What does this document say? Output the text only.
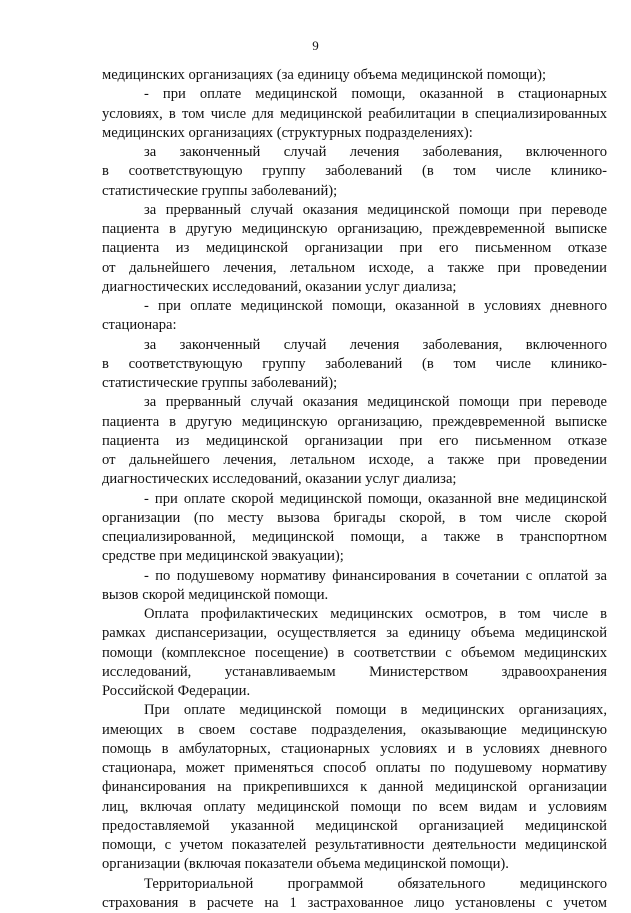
9
медицинских организациях (за единицу объема медицинской помощи);
- при оплате медицинской помощи, оказанной в стационарных
условиях, в том числе для медицинской реабилитации в специализированных
медицинских организациях (структурных подразделениях):
за законченный случай лечения заболевания, включенного
в соответствующую группу заболеваний (в том числе клинико-
статистические группы заболеваний);
за прерванный случай оказания медицинской помощи при переводе
пациента в другую медицинскую организацию, преждевременной выписке
пациента из медицинской организации при его письменном отказе
от дальнейшего лечения, летальном исходе, а также при проведении
диагностических исследований, оказании услуг диализа;
- при оплате медицинской помощи, оказанной в условиях дневного
стационара:
за законченный случай лечения заболевания, включенного
в соответствующую группу заболеваний (в том числе клинико-
статистические группы заболеваний);
за прерванный случай оказания медицинской помощи при переводе
пациента в другую медицинскую организацию, преждевременной выписке
пациента из медицинской организации при его письменном отказе
от дальнейшего лечения, летальном исходе, а также при проведении
диагностических исследований, оказании услуг диализа;
- при оплате скорой медицинской помощи, оказанной вне медицинской
организации (по месту вызова бригады скорой, в том числе скорой
специализированной, медицинской помощи, а также в транспортном
средстве при медицинской эвакуации);
- по подушевому нормативу финансирования в сочетании с оплатой за
вызов скорой медицинской помощи.
Оплата профилактических медицинских осмотров, в том числе в
рамках диспансеризации, осуществляется за единицу объема медицинской
помощи (комплексное посещение) в соответствии с объемом медицинских
исследований, устанавливаемым Министерством здравоохранения
Российской Федерации.
При оплате медицинской помощи в медицинских организациях,
имеющих в своем составе подразделения, оказывающие медицинскую
помощь в амбулаторных, стационарных условиях и в условиях дневного
стационара, может применяться способ оплаты по подушевому нормативу
финансирования на прикрепившихся к данной медицинской организации
лиц, включая оплату медицинской помощи по всем видам и условиям
предоставляемой указанной медицинской организацией медицинской
помощи, с учетом показателей результативности деятельности медицинской
организации (включая показатели объема медицинской помощи).
Территориальной программой обязательного медицинского
страхования в расчете на 1 застрахованное лицо установлены с учетом
